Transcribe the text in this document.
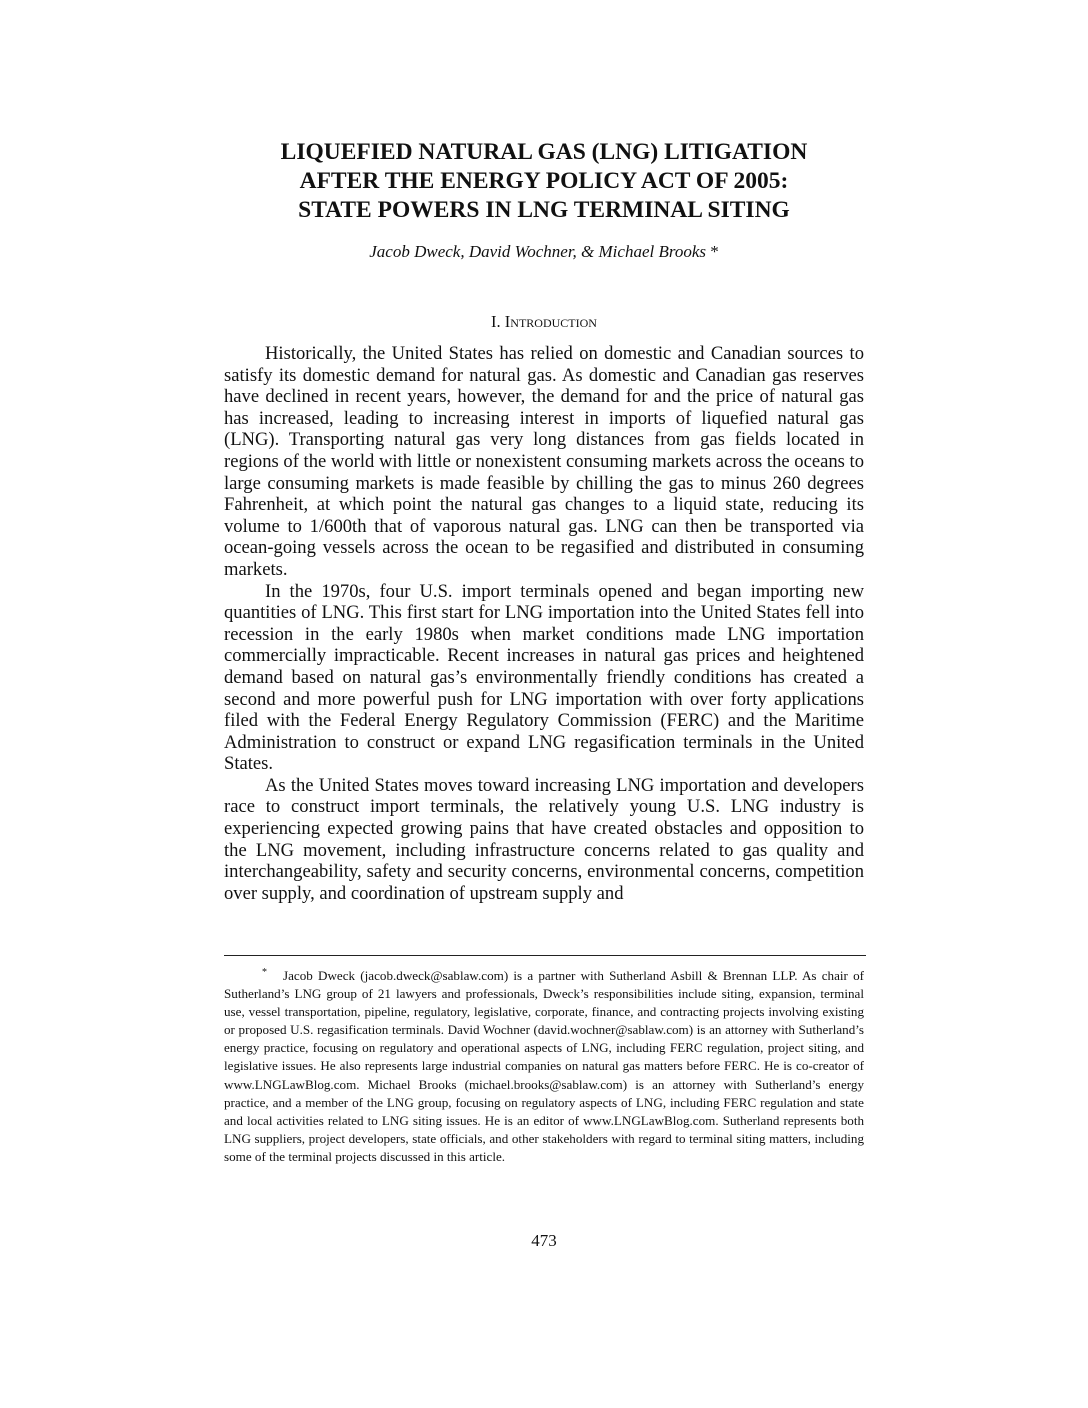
LIQUEFIED NATURAL GAS (LNG) LITIGATION
AFTER THE ENERGY POLICY ACT OF 2005:
STATE POWERS IN LNG TERMINAL SITING
Jacob Dweck, David Wochner, & Michael Brooks *
I. Introduction

Historically, the United States has relied on domestic and Canadian sources to satisfy its domestic demand for natural gas. As domestic and Canadian gas reserves have declined in recent years, however, the demand for and the price of natural gas has increased, leading to increasing interest in imports of liquefied natural gas (LNG). Transporting natural gas very long distances from gas fields located in regions of the world with little or nonexistent consuming markets across the oceans to large consuming markets is made feasible by chilling the gas to minus 260 degrees Fahrenheit, at which point the natural gas changes to a liquid state, reducing its volume to 1/600th that of vaporous natural gas. LNG can then be transported via ocean-going vessels across the ocean to be regasified and distributed in consuming markets.

In the 1970s, four U.S. import terminals opened and began importing new quantities of LNG. This first start for LNG importation into the United States fell into recession in the early 1980s when market conditions made LNG importation commercially impracticable. Recent increases in natural gas prices and heightened demand based on natural gas’s environmentally friendly conditions has created a second and more powerful push for LNG importation with over forty applications filed with the Federal Energy Regulatory Commission (FERC) and the Maritime Administration to construct or expand LNG regasification terminals in the United States.

As the United States moves toward increasing LNG importation and developers race to construct import terminals, the relatively young U.S. LNG industry is experiencing expected growing pains that have created obstacles and opposition to the LNG movement, including infrastructure concerns related to gas quality and interchangeability, safety and security concerns, environmental concerns, competition over supply, and coordination of upstream supply and

* Jacob Dweck (jacob.dweck@sablaw.com) is a partner with Sutherland Asbill & Brennan LLP. As chair of Sutherland’s LNG group of 21 lawyers and professionals, Dweck’s responsibilities include siting, expansion, terminal use, vessel transportation, pipeline, regulatory, legislative, corporate, finance, and contracting projects involving existing or proposed U.S. regasification terminals. David Wochner (david.wochner@sablaw.com) is an attorney with Sutherland’s energy practice, focusing on regulatory and operational aspects of LNG, including FERC regulation, project siting, and legislative issues. He also represents large industrial companies on natural gas matters before FERC. He is co-creator of www.LNGLawBlog.com. Michael Brooks (michael.brooks@sablaw.com) is an attorney with Sutherland’s energy practice, and a member of the LNG group, focusing on regulatory aspects of LNG, including FERC regulation and state and local activities related to LNG siting issues. He is an editor of www.LNGLawBlog.com. Sutherland represents both LNG suppliers, project developers, state officials, and other stakeholders with regard to terminal siting matters, including some of the terminal projects discussed in this article.

473
